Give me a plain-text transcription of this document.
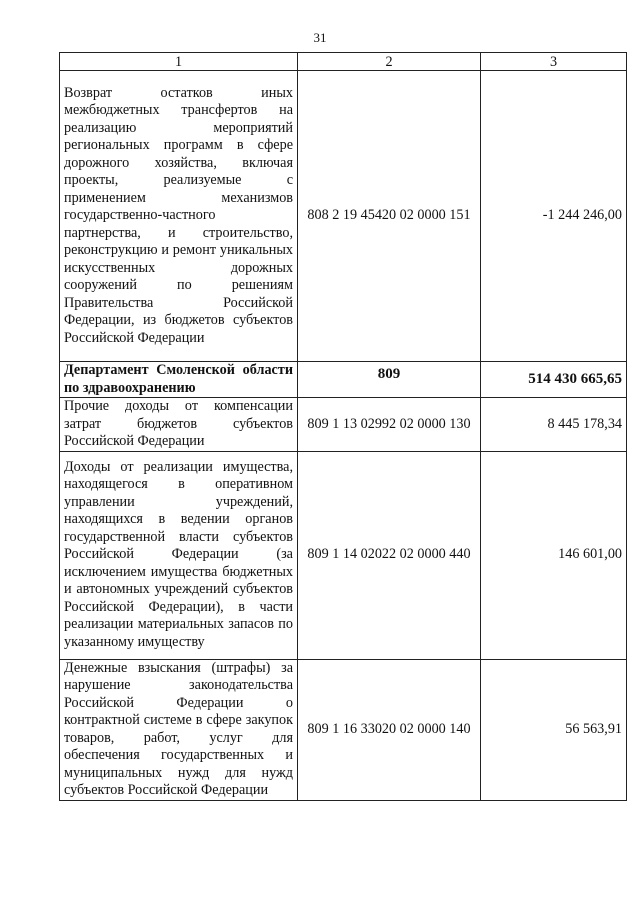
31
1	2	3
Возврат остатков иных межбюджетных трансфертов на реализацию мероприятий региональных программ в сфере дорожного хозяйства, включая проекты, реализуемые с применением механизмов государственно-частного партнерства, и строительство, реконструкцию и ремонт уникальных искусственных дорожных сооружений по решениям Правительства Российской Федерации, из бюджетов субъектов Российской Федерации	808 2 19 45420 02 0000 151	-1 244 246,00
Департамент Смоленской области по здравоохранению	809	514 430 665,65
Прочие доходы от компенсации затрат бюджетов субъектов Российской Федерации	809 1 13 02992 02 0000 130	8 445 178,34
Доходы от реализации имущества, находящегося в оперативном управлении учреждений, находящихся в ведении органов государственной власти субъектов Российской Федерации (за исключением имущества бюджетных и автономных учреждений субъектов Российской Федерации), в части реализации материальных запасов по указанному имуществу	809 1 14 02022 02 0000 440	146 601,00
Денежные взыскания (штрафы) за нарушение законодательства Российской Федерации о контрактной системе в сфере закупок товаров, работ, услуг для обеспечения государственных и муниципальных нужд для нужд субъектов Российской Федерации	809 1 16 33020 02 0000 140	56 563,91
